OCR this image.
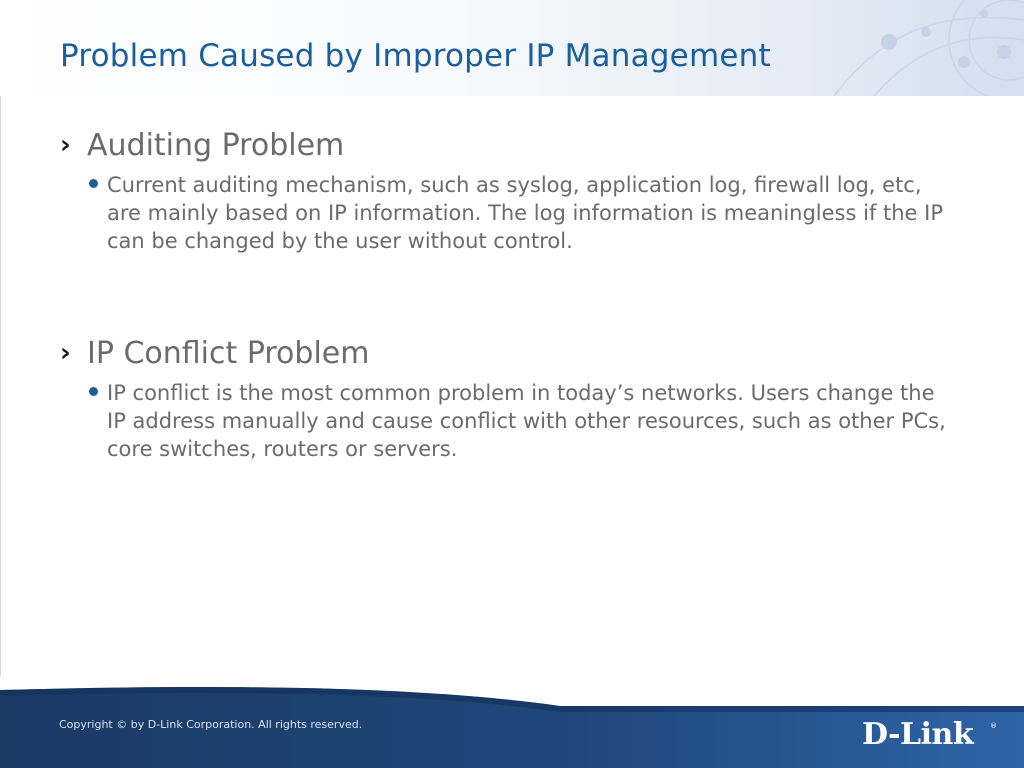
Problem Caused by Improper IP Management
› Auditing Problem
Current auditing mechanism, such as syslog, application log, firewall log, etc, are mainly based on IP information. The log information is meaningless if the IP can be changed by the user without control.
› IP Conflict Problem
IP conflict is the most common problem in today’s networks. Users change the IP address manually and cause conflict with other resources, such as other PCs, core switches, routers or servers.
Copyright © by D-Link Corporation. All rights reserved.	D-Link ®
